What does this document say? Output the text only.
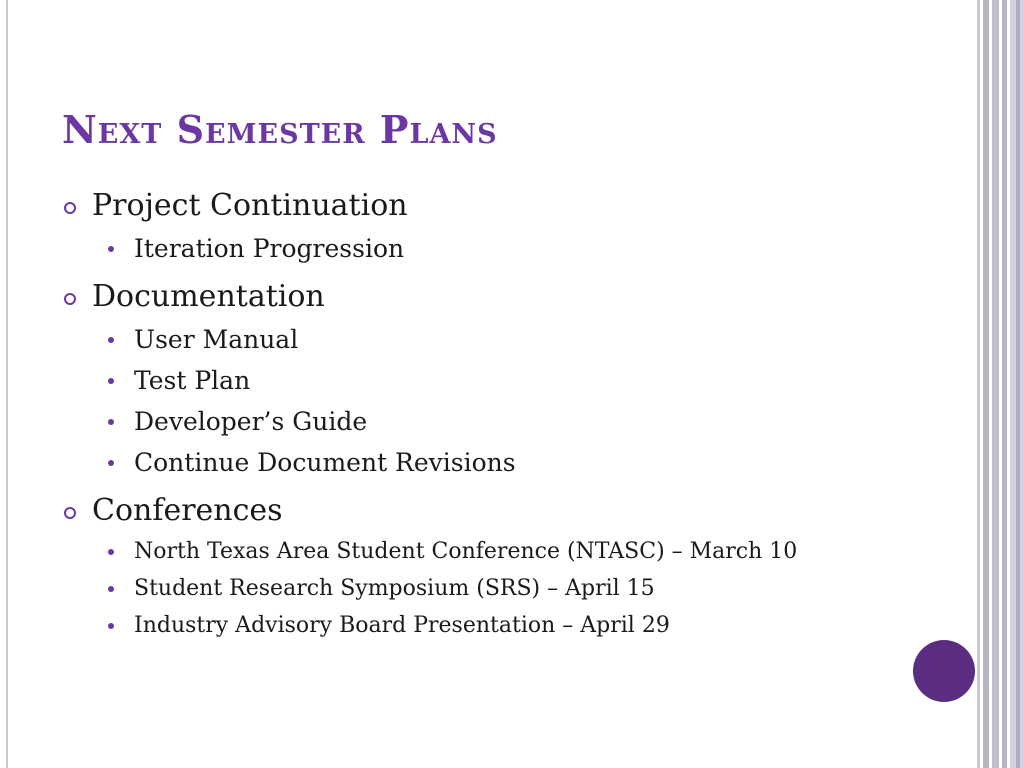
Next Semester Plans
Project Continuation
Iteration Progression
Documentation
User Manual
Test Plan
Developer’s Guide
Continue Document Revisions
Conferences
North Texas Area Student Conference (NTASC) – March 10
Student Research Symposium (SRS) – April 15
Industry Advisory Board Presentation – April 29
